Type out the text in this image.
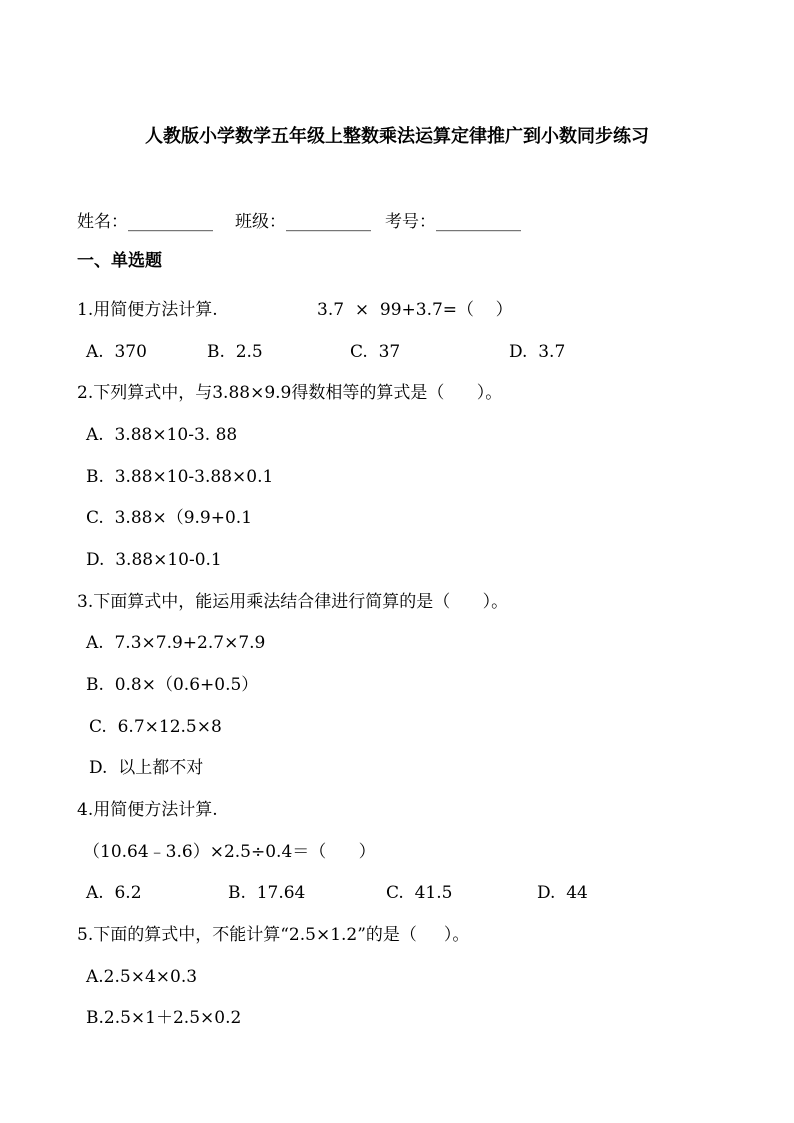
人教版小学数学五年级上整数乘法运算定律推广到小数同步练习
姓名：__________ 班级：__________ 考号：__________
一、单选题
1.用简便方法计算.	3.7  ×  99+3.7=（    ）
A.  370	B.  2.5	C.  37	D.  3.7
2.下列算式中，与3.88×9.9得数相等的算式是（      ）。
A.  3.88×10-3. 88
B.  3.88×10-3.88×0.1
C.  3.88×（9.9+0.1
D.  3.88×10-0.1
3.下面算式中，能运用乘法结合律进行简算的是（      ）。
A.  7.3×7.9+2.7×7.9
B.  0.8×（0.6+0.5）
C.  6.7×12.5×8
D.  以上都不对
4.用简便方法计算.
（10.64﹣3.6）×2.5÷0.4＝（      ）
A.  6.2	B.  17.64	C.  41.5	D.  44
5.下面的算式中，不能计算“2.5×1.2”的是（     ）。
A.2.5×4×0.3
B.2.5×1＋2.5×0.2
